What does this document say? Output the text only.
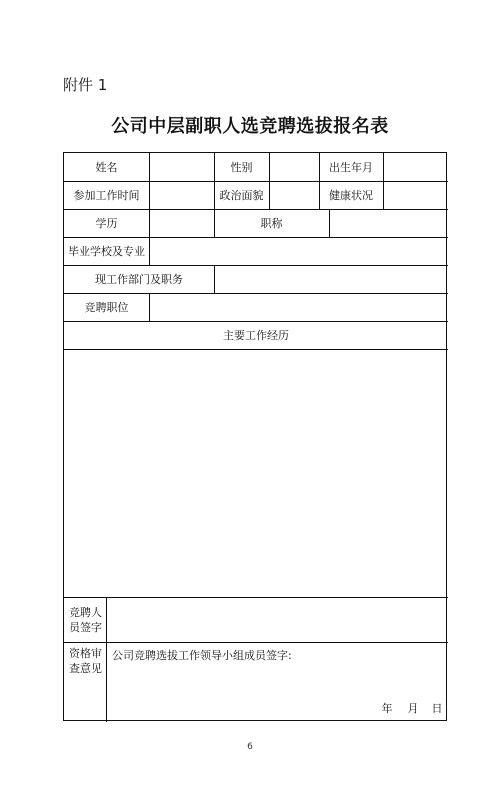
附件 1
公司中层副职人选竞聘选拔报名表
姓名	性别	出生年月
参加工作时间	政治面貌	健康状况
学历	职称
毕业学校及专业
现工作部门及职务
竞聘职位
主要工作经历
竞聘人
员签字
资格审
查意见
公司竞聘选拔工作领导小组成员签字:
年 月 日
6
